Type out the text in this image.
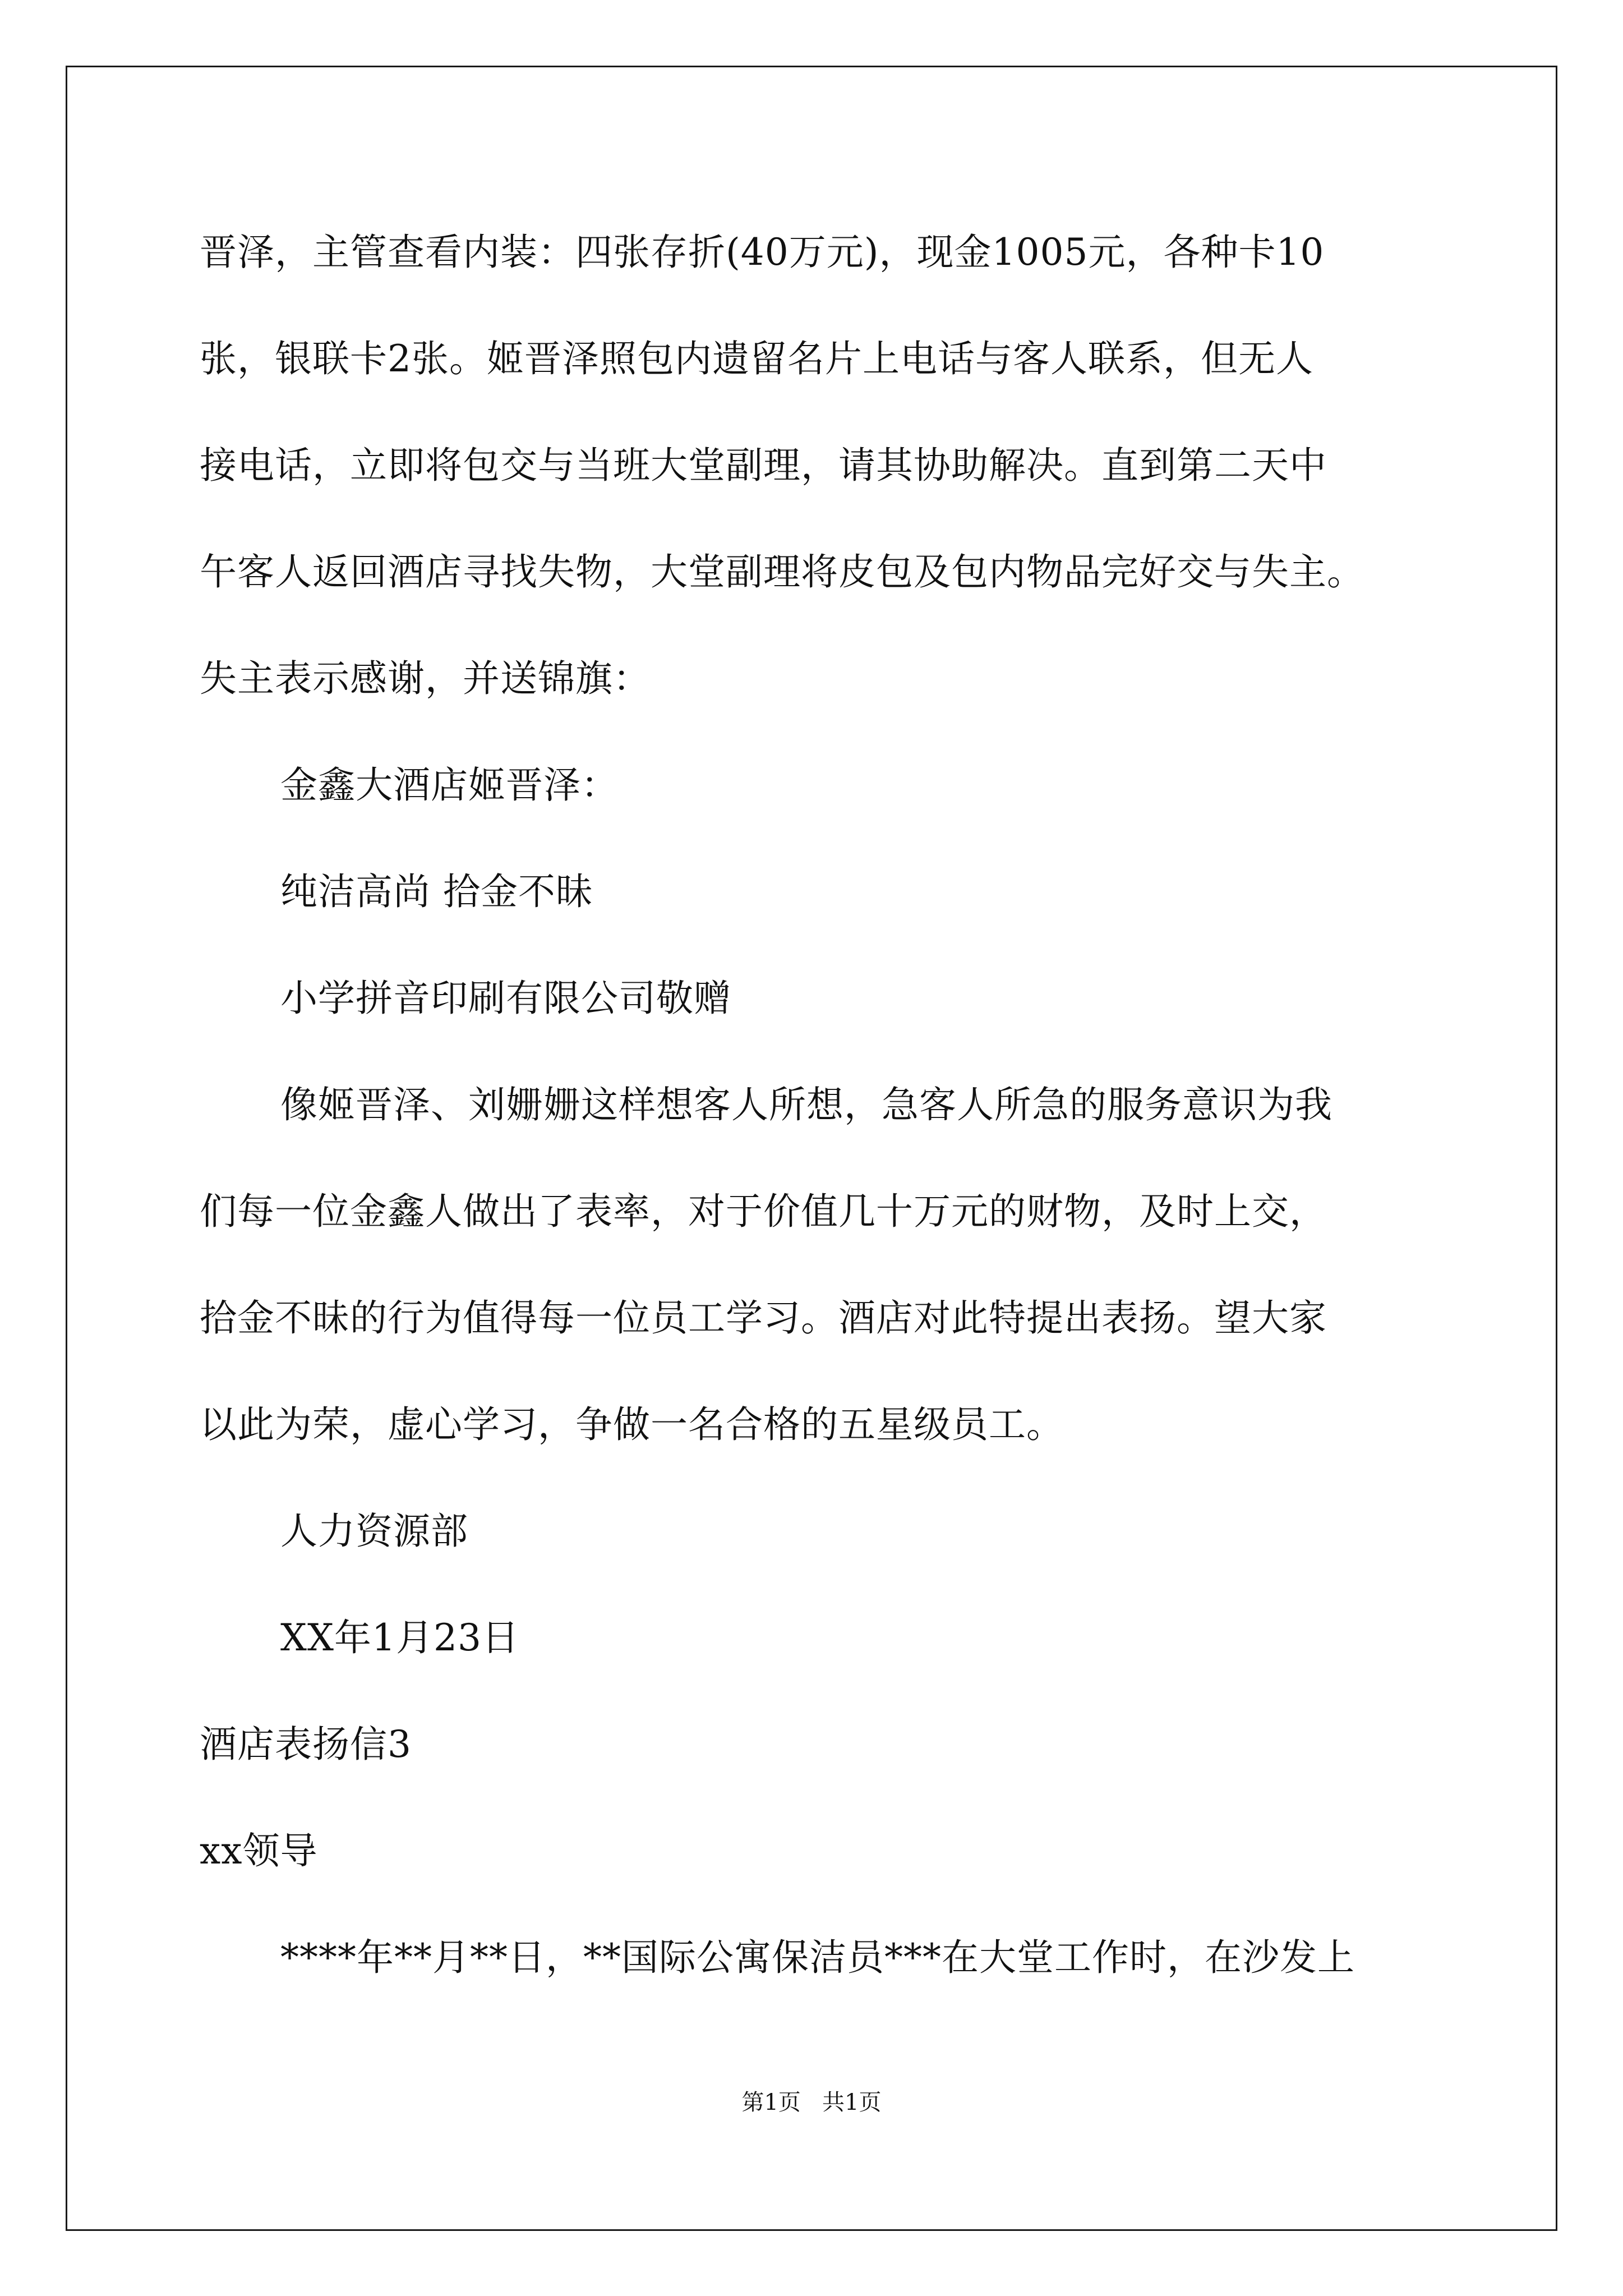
晋泽，主管查看内装：四张存折(40万元)，现金1005元，各种卡10
张，银联卡2张。姬晋泽照包内遗留名片上电话与客人联系，但无人
接电话，立即将包交与当班大堂副理，请其协助解决。直到第二天中
午客人返回酒店寻找失物，大堂副理将皮包及包内物品完好交与失主。
失主表示感谢，并送锦旗：
金鑫大酒店姬晋泽：
纯洁高尚 拾金不昧
小学拼音印刷有限公司敬赠
像姬晋泽、刘姗姗这样想客人所想，急客人所急的服务意识为我
们每一位金鑫人做出了表率，对于价值几十万元的财物，及时上交，
拾金不昧的行为值得每一位员工学习。酒店对此特提出表扬。望大家
以此为荣，虚心学习，争做一名合格的五星级员工。
人力资源部
XX年1月23日
酒店表扬信3
xx领导
****年**月**日，**国际公寓保洁员***在大堂工作时，在沙发上
第1页   共1页
